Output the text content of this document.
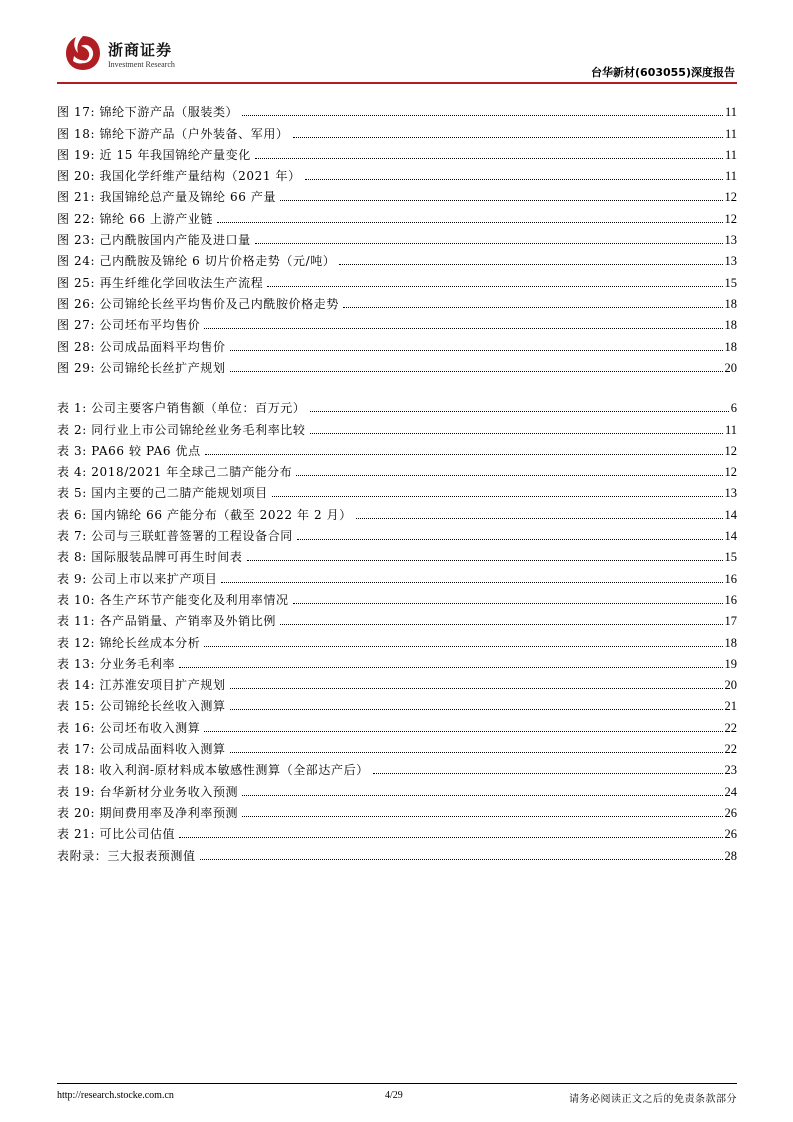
浙商证券
Investment Research
台华新材(603055)深度报告
图 17: 锦纶下游产品（服装类）	11
图 18: 锦纶下游产品（户外装备、军用）	11
图 19: 近 15 年我国锦纶产量变化	11
图 20: 我国化学纤维产量结构（2021 年）	11
图 21: 我国锦纶总产量及锦纶 66 产量	12
图 22: 锦纶 66 上游产业链	12
图 23: 己内酰胺国内产能及进口量	13
图 24: 己内酰胺及锦纶 6 切片价格走势（元/吨）	13
图 25: 再生纤维化学回收法生产流程	15
图 26: 公司锦纶长丝平均售价及己内酰胺价格走势	18
图 27: 公司坯布平均售价	18
图 28: 公司成品面料平均售价	18
图 29: 公司锦纶长丝扩产规划	20
表 1: 公司主要客户销售额（单位：百万元）	6
表 2: 同行业上市公司锦纶丝业务毛利率比较	11
表 3: PA66 较 PA6 优点	12
表 4: 2018/2021 年全球己二腈产能分布	12
表 5: 国内主要的己二腈产能规划项目	13
表 6: 国内锦纶 66 产能分布（截至 2022 年 2 月）	14
表 7: 公司与三联虹普签署的工程设备合同	14
表 8: 国际服装品牌可再生时间表	15
表 9: 公司上市以来扩产项目	16
表 10: 各生产环节产能变化及利用率情况	16
表 11: 各产品销量、产销率及外销比例	17
表 12: 锦纶长丝成本分析	18
表 13: 分业务毛利率	19
表 14: 江苏淮安项目扩产规划	20
表 15: 公司锦纶长丝收入测算	21
表 16: 公司坯布收入测算	22
表 17: 公司成品面料收入测算	22
表 18: 收入利润-原材料成本敏感性测算（全部达产后）	23
表 19: 台华新材分业务收入预测	24
表 20: 期间费用率及净利率预测	26
表 21: 可比公司估值	26
表附录：三大报表预测值	28
http://research.stocke.com.cn	4/29	请务必阅读正文之后的免责条款部分
